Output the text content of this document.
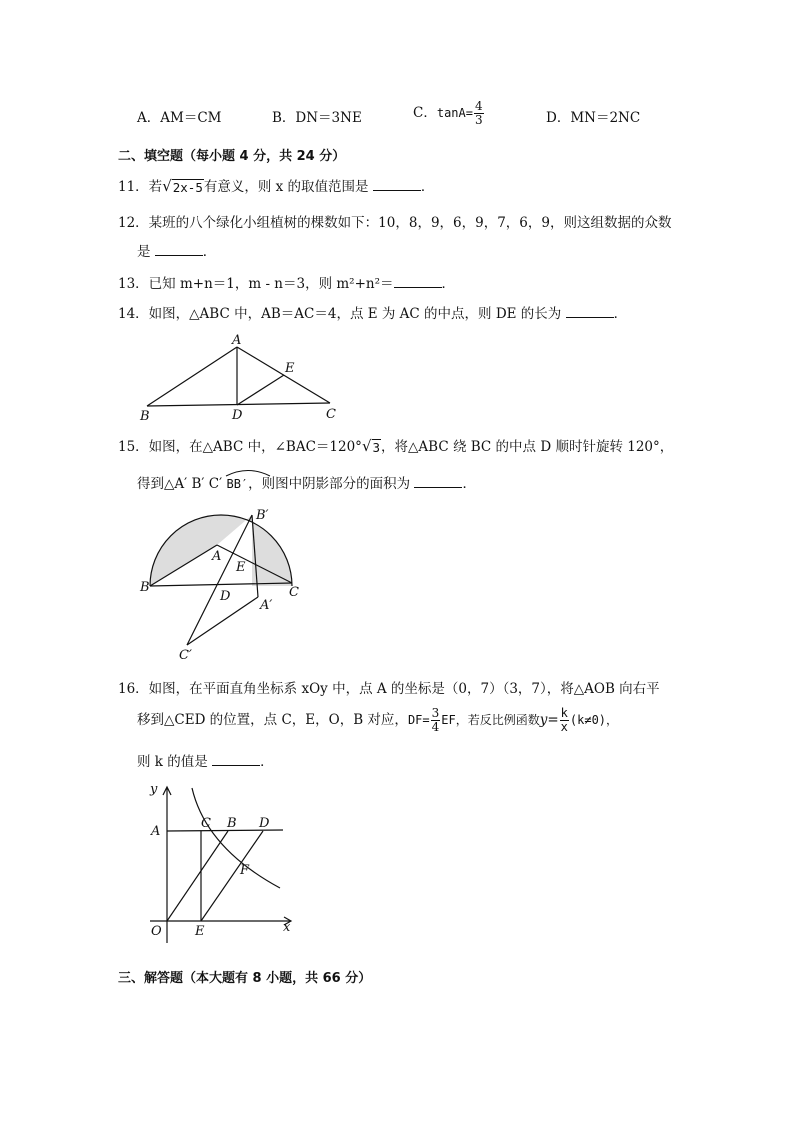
A．AM＝CM	B．DN＝3NE	C．$\tan A= \frac{4}{3}$	D．MN＝2NC
二、填空题（每小题 4 分，共 24 分）
11．若 √ 2x-5 有意义，则 x 的取值范围是	．
12．某班的八个绿化小组植树的棵数如下：10，8，9，6，9，7，6，9，则这组数据的众数
是	．
13．已知 m+n＝1，m - n＝3，则 m²+n²＝	．
14．如图，△ABC 中，AB＝AC＝4，点 E 为 AC 的中点，则 DE 的长为	．
A
B	C
D
E
15．如图，在△ABC 中，∠BAC＝120° √ 3 ，将△ABC 绕 BC 的中点 D 顺时针旋转 120°，
得到△A′ B′ C′ BB′，则图中阴影部分的面积为	．
B	C
A
E
D
B′
A′
C′
16．如图，在平面直角坐标系 xOy 中，点 A 的坐标是（0，7）（3，7），将△AOB 向右平
移到△CED 的位置，点 C，E，O，B 对应，$DF= \frac{3}{4}$ EF，若反比例函数$y= \frac{k}{x} (k\ne 0)$，
则 k 的值是	．
y
x
O
A
C B D
F
E
三、解答题（本大题有 8 小题，共 66 分）
